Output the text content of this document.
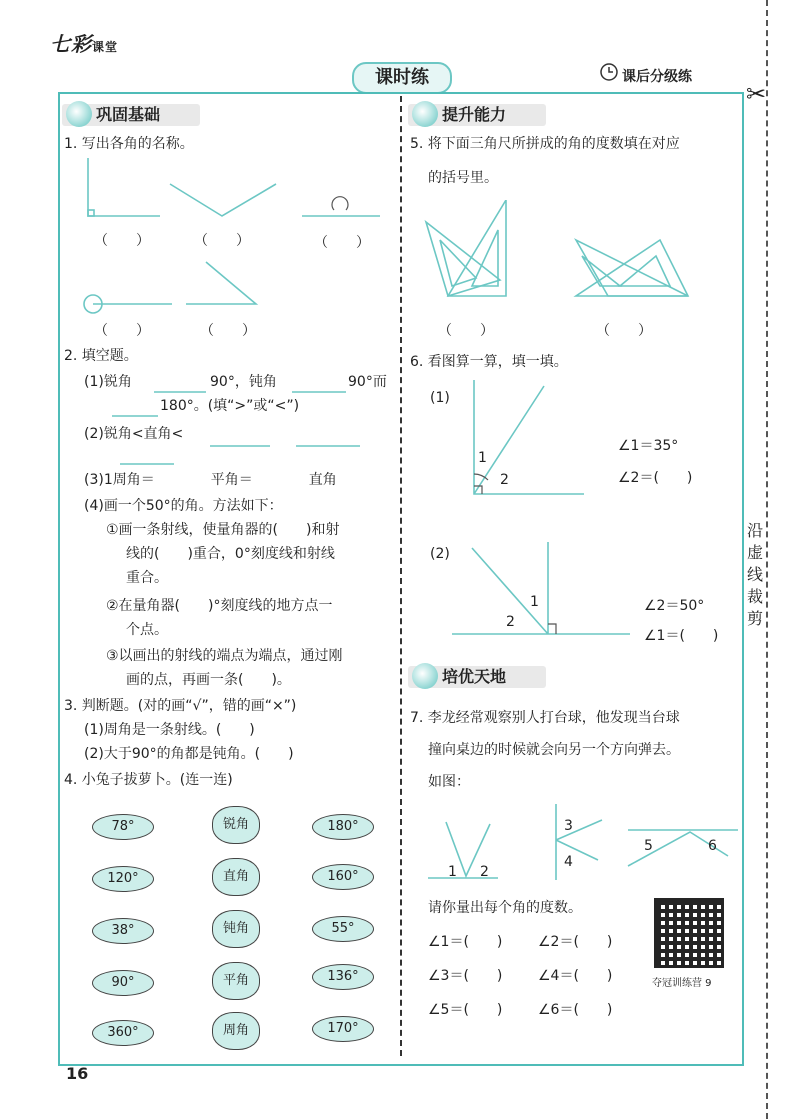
七彩课堂
课时练	课后分级练
✂
沿虚线裁剪
巩固基础
1. 写出各角的名称。
（　　）	（　　）	（　　）
（　　）	（　　）
2. 填空题。
(1)锐角	90°，钝角	90°而
180°。(填“>”或“<”)
(2)锐角<直角<
(3)1周角＝　　　　平角＝　　　　直角
(4)画一个50°的角。方法如下：
①画一条射线，使量角器的(　　)和射
线的(　　)重合，0°刻度线和射线
重合。
②在量角器(　　)°刻度线的地方点一
个点。
③以画出的射线的端点为端点，通过刚
画的点，再画一条(　　)。
3. 判断题。(对的画“√”，错的画“×”)
(1)周角是一条射线。(　　)
(2)大于90°的角都是钝角。(　　)
4. 小兔子拔萝卜。(连一连)
78°
120°
38°
90°
360°
锐角
直角
钝角
平角
周角
180°
160°
55°
136°
170°
16
提升能力
5. 将下面三角尺所拼成的角的度数填在对应
的括号里。
（　　）	（　　）
6. 看图算一算，填一填。
(1)
1
2
∠1＝35°
∠2＝(　　)
(2)
1
2
∠2＝50°
∠1＝(　　)
培优天地
7. 李龙经常观察别人打台球，他发现当台球
撞向桌边的时候就会向另一个方向弹去。
如图：
1 2
3
4
5	6
请你量出每个角的度数。
∠1＝(　　)	∠2＝(　　)
∠3＝(　　)	∠4＝(　　)
∠5＝(　　)	∠6＝(　　)
夺冠训练营 9
